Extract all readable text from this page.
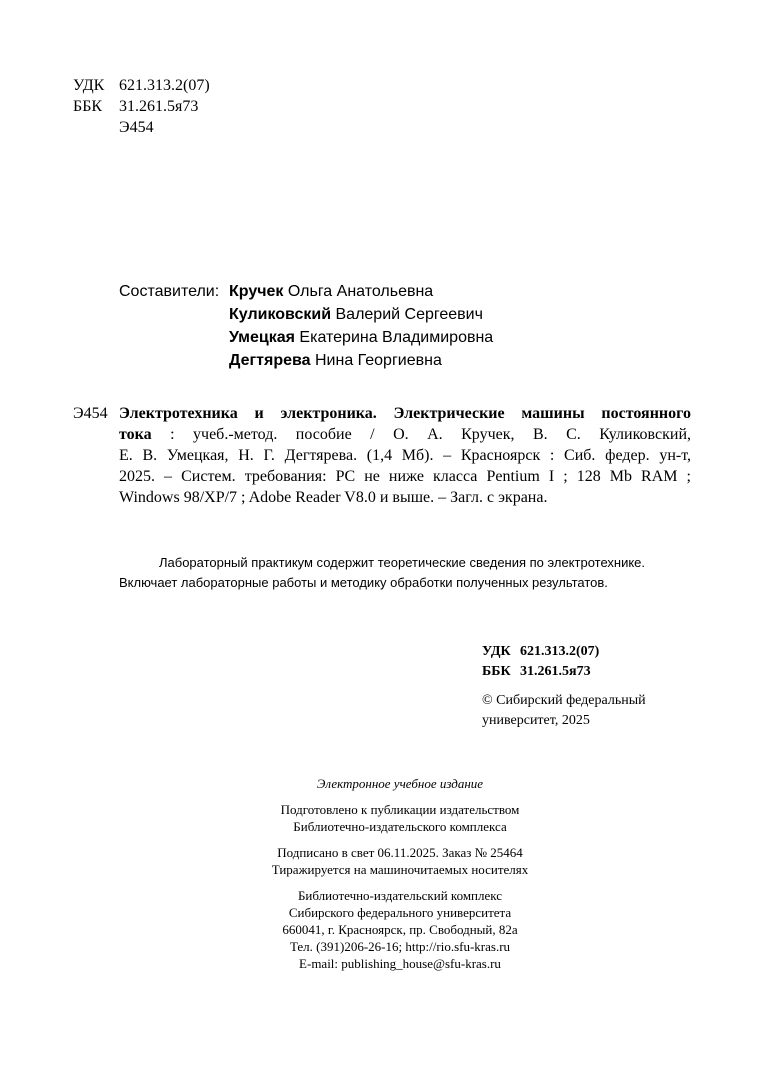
УДК 621.313.2(07)
ББК 31.261.5я73
Э454
Составители: Кручек Ольга Анатольевна
Куликовский Валерий Сергеевич
Умецкая Екатерина Владимировна
Дегтярева Нина Георгиевна
Э454 Электротехника и электроника. Электрические машины постоянного
тока : учеб.-метод. пособие / О. А. Кручек, В. С. Куликовский,
Е. В. Умецкая, Н. Г. Дегтярева. (1,4 Мб). – Красноярск : Сиб. федер. ун-т,
2025. – Систем. требования: PC не ниже класса Pentium I ; 128 Mb RAM ;
Windows 98/XP/7 ; Adobe Reader V8.0 и выше. – Загл. с экрана.
Лабораторный практикум содержит теоретические сведения по электротехнике.
Включает лабораторные работы и методику обработки полученных результатов.
УДК 621.313.2(07)
ББК 31.261.5я73
© Сибирский федеральный
университет, 2025
Электронное учебное издание
Подготовлено к публикации издательством
Библиотечно-издательского комплекса
Подписано в свет 06.11.2025. Заказ № 25464
Тиражируется на машиночитаемых носителях
Библиотечно-издательский комплекс
Сибирского федерального университета
660041, г. Красноярск, пр. Свободный, 82а
Тел. (391)206-26-16; http://rio.sfu-kras.ru
E-mail: publishing_house@sfu-kras.ru
